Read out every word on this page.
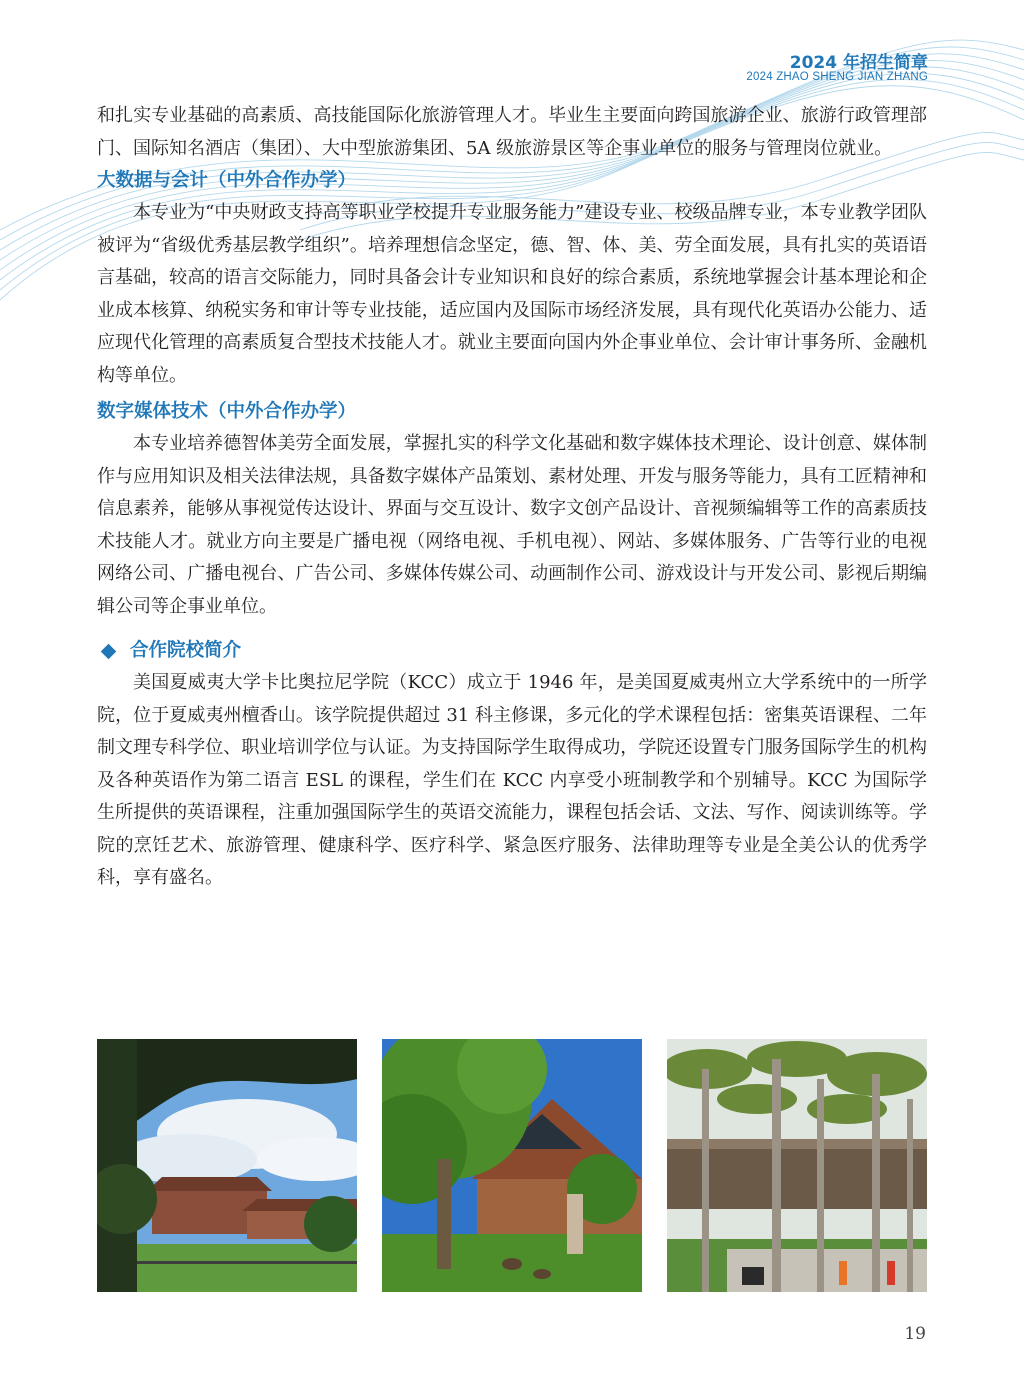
2024 年招生简章
2024 ZHAO SHENG JIAN ZHANG

和扎实专业基础的高素质、高技能国际化旅游管理人才。毕业生主要面向跨国旅游企业、旅游行政管理部门、国际知名酒店（集团）、大中型旅游集团、5A 级旅游景区等企事业单位的服务与管理岗位就业。

大数据与会计（中外合作办学）

本专业为“中央财政支持高等职业学校提升专业服务能力”建设专业、校级品牌专业，本专业教学团队被评为“省级优秀基层教学组织”。培养理想信念坚定，德、智、体、美、劳全面发展，具有扎实的英语语言基础，较高的语言交际能力，同时具备会计专业知识和良好的综合素质，系统地掌握会计基本理论和企业成本核算、纳税实务和审计等专业技能，适应国内及国际市场经济发展，具有现代化英语办公能力、适应现代化管理的高素质复合型技术技能人才。就业主要面向国内外企事业单位、会计审计事务所、金融机构等单位。

数字媒体技术（中外合作办学）

本专业培养德智体美劳全面发展，掌握扎实的科学文化基础和数字媒体技术理论、设计创意、媒体制作与应用知识及相关法律法规，具备数字媒体产品策划、素材处理、开发与服务等能力，具有工匠精神和信息素养，能够从事视觉传达设计、界面与交互设计、数字文创产品设计、音视频编辑等工作的高素质技术技能人才。就业方向主要是广播电视（网络电视、手机电视）、网站、多媒体服务、广告等行业的电视网络公司、广播电视台、广告公司、多媒体传媒公司、动画制作公司、游戏设计与开发公司、影视后期编辑公司等企事业单位。

合作院校简介

美国夏威夷大学卡比奥拉尼学院（KCC）成立于 1946 年，是美国夏威夷州立大学系统中的一所学院，位于夏威夷州檀香山。该学院提供超过 31 科主修课，多元化的学术课程包括：密集英语课程、二年制文理专科学位、职业培训学位与认证。为支持国际学生取得成功，学院还设置专门服务国际学生的机构及各种英语作为第二语言 ESL 的课程，学生们在 KCC 内享受小班制教学和个别辅导。KCC 为国际学生所提供的英语课程，注重加强国际学生的英语交流能力，课程包括会话、文法、写作、阅读训练等。学院的烹饪艺术、旅游管理、健康科学、医疗科学、紧急医疗服务、法律助理等专业是全美公认的优秀学科，享有盛名。

19
